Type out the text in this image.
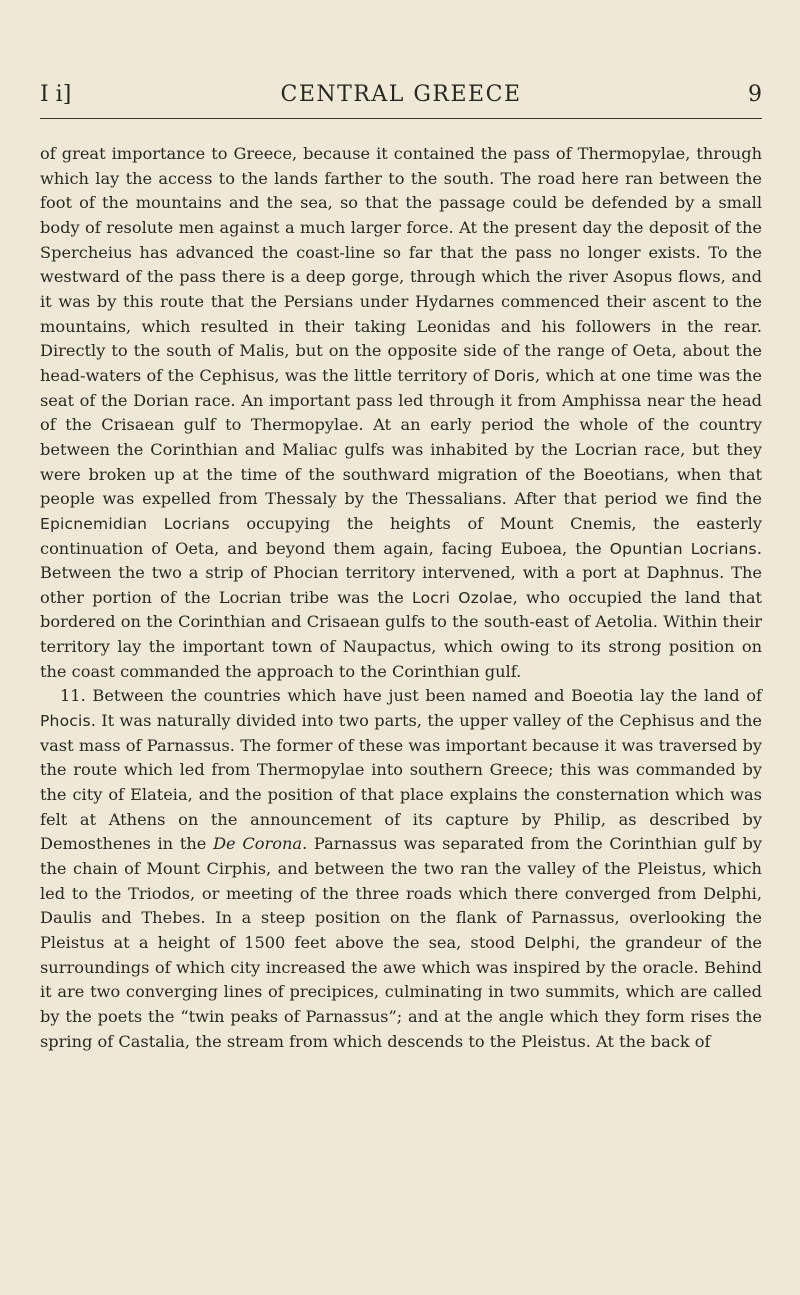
I i]	CENTRAL GREECE	9

of great importance to Greece, because it contained the pass of Thermopylae, through which lay the access to the lands farther to the south. The road here ran between the foot of the mountains and the sea, so that the passage could be defended by a small body of resolute men against a much larger force. At the present day the deposit of the Spercheius has advanced the coast-line so far that the pass no longer exists. To the westward of the pass there is a deep gorge, through which the river Asopus flows, and it was by this route that the Persians under Hydarnes commenced their ascent to the mountains, which resulted in their taking Leonidas and his followers in the rear. Directly to the south of Malis, but on the opposite side of the range of Oeta, about the head-waters of the Cephisus, was the little territory of Doris, which at one time was the seat of the Dorian race. An important pass led through it from Amphissa near the head of the Crisaean gulf to Thermopylae. At an early period the whole of the country between the Corinthian and Maliac gulfs was inhabited by the Locrian race, but they were broken up at the time of the southward migration of the Boeotians, when that people was expelled from Thessaly by the Thessalians. After that period we find the Epicnemidian Locrians occupying the heights of Mount Cnemis, the easterly continuation of Oeta, and beyond them again, facing Euboea, the Opuntian Locrians. Between the two a strip of Phocian territory intervened, with a port at Daphnus. The other portion of the Locrian tribe was the Locri Ozolae, who occupied the land that bordered on the Corinthian and Crisaean gulfs to the south-east of Aetolia. Within their territory lay the important town of Naupactus, which owing to its strong position on the coast commanded the approach to the Corinthian gulf.

11. Between the countries which have just been named and Boeotia lay the land of Phocis. It was naturally divided into two parts, the upper valley of the Cephisus and the vast mass of Parnassus. The former of these was important because it was traversed by the route which led from Thermopylae into southern Greece; this was commanded by the city of Elateia, and the position of that place explains the consternation which was felt at Athens on the announcement of its capture by Philip, as described by Demosthenes in the De Corona. Parnassus was separated from the Corinthian gulf by the chain of Mount Cirphis, and between the two ran the valley of the Pleistus, which led to the Triodos, or meeting of the three roads which there converged from Delphi, Daulis and Thebes. In a steep position on the flank of Parnassus, overlooking the Pleistus at a height of 1500 feet above the sea, stood Delphi, the grandeur of the surroundings of which city increased the awe which was inspired by the oracle. Behind it are two converging lines of precipices, culminating in two summits, which are called by the poets the “twin peaks of Parnassus”; and at the angle which they form rises the spring of Castalia, the stream from which descends to the Pleistus. At the back of
